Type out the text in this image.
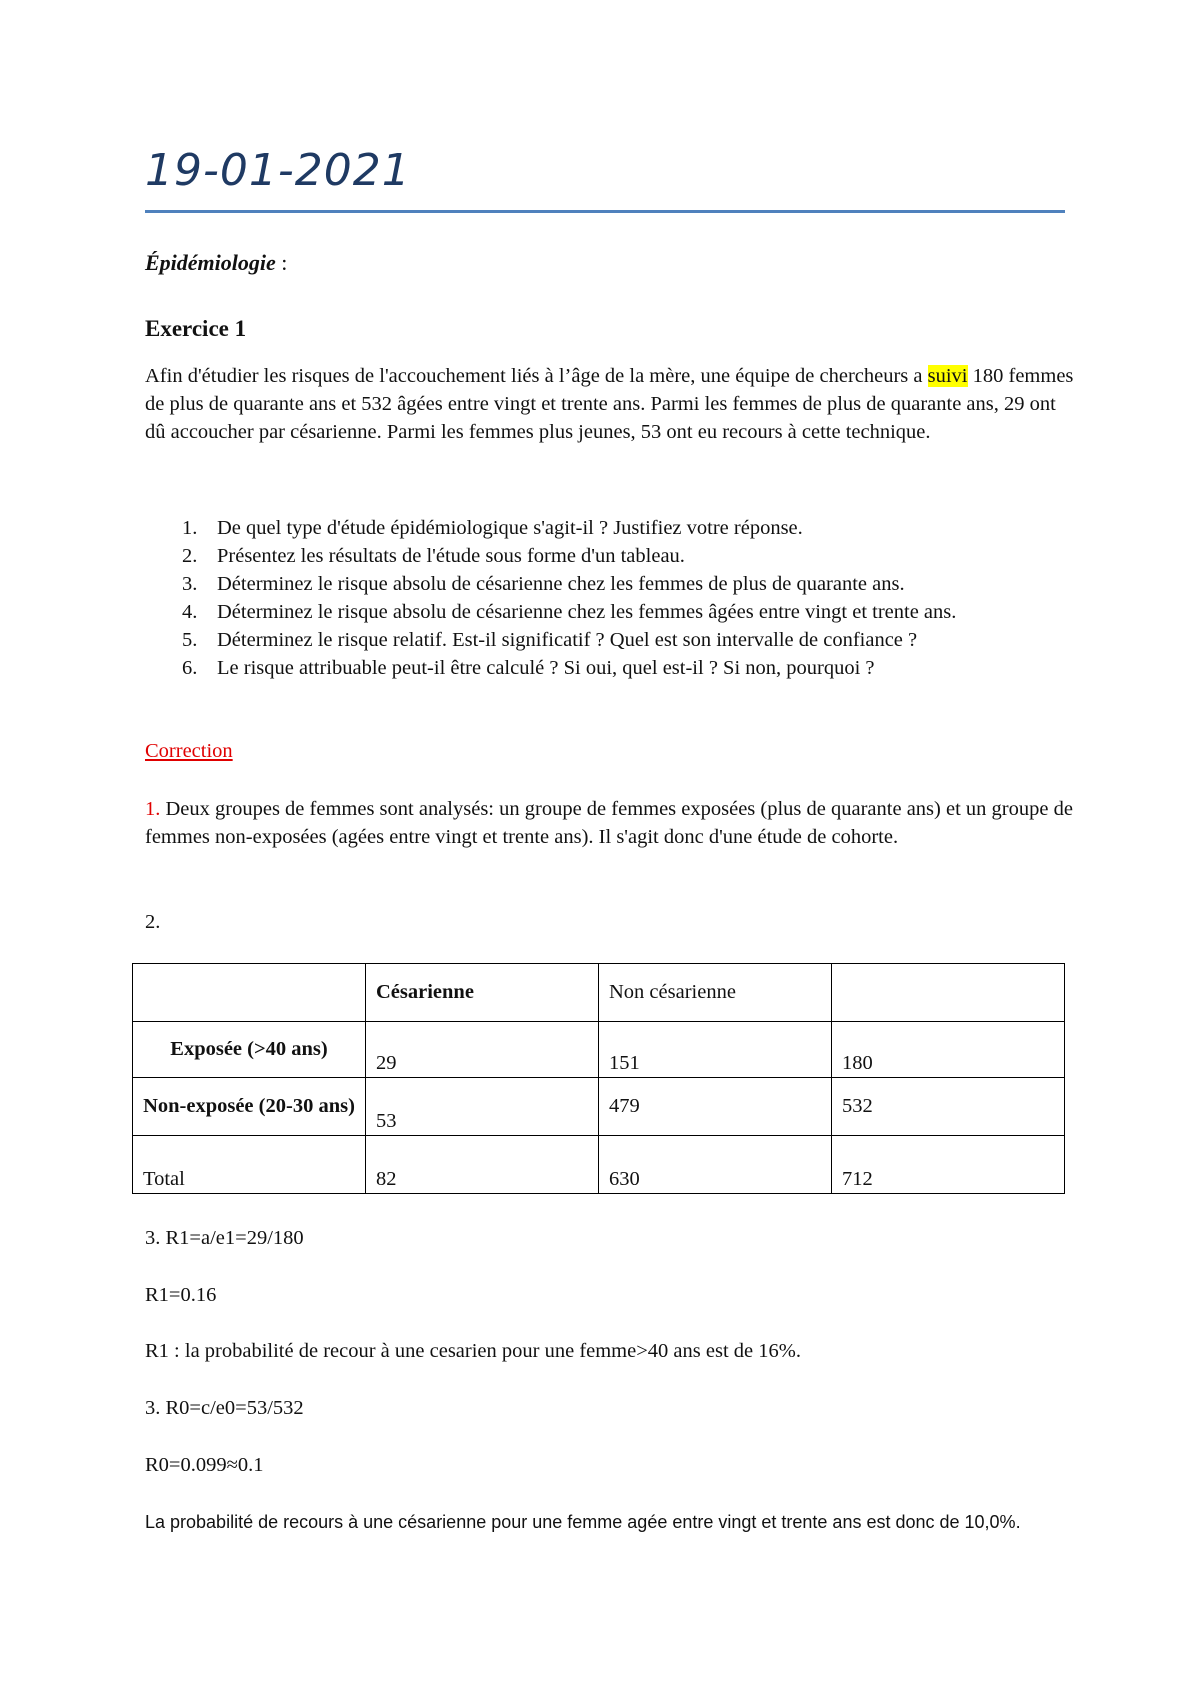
19-01-2021
Épidémiologie :
Exercice 1

Afin d'étudier les risques de l'accouchement liés à l’âge de la mère, une équipe de chercheurs a suivi 180 femmes de plus de quarante ans et 532 âgées entre vingt et trente ans. Parmi les femmes de plus de quarante ans, 29 ont dû accoucher par césarienne. Parmi les femmes plus jeunes, 53 ont eu recours à cette technique.

1. De quel type d'étude épidémiologique s'agit-il ? Justifiez votre réponse.
2. Présentez les résultats de l'étude sous forme d'un tableau.
3. Déterminez le risque absolu de césarienne chez les femmes de plus de quarante ans.
4. Déterminez le risque absolu de césarienne chez les femmes âgées entre vingt et trente ans.
5. Déterminez le risque relatif. Est-il significatif ? Quel est son intervalle de confiance ?
6. Le risque attribuable peut-il être calculé ? Si oui, quel est-il ? Si non, pourquoi ?
Correction

1. Deux groupes de femmes sont analysés: un groupe de femmes exposées (plus de quarante ans) et un groupe de femmes non-exposées (agées entre vingt et trente ans). Il s'agit donc d'une étude de cohorte.

2.

	Césarienne	Non césarienne	
Exposée (>40 ans)	29	151	180
Non-exposée (20-30 ans)	53	479	532
Total	82	630	712

3. R1=a/e1=29/180

R1=0.16

R1 : la probabilité de recour à une cesarien pour une femme>40 ans est de 16%.

3. R0=c/e0=53/532

R0=0.099≈0.1

La probabilité de recours à une césarienne pour une femme agée entre vingt et trente ans est donc de 10,0%.
